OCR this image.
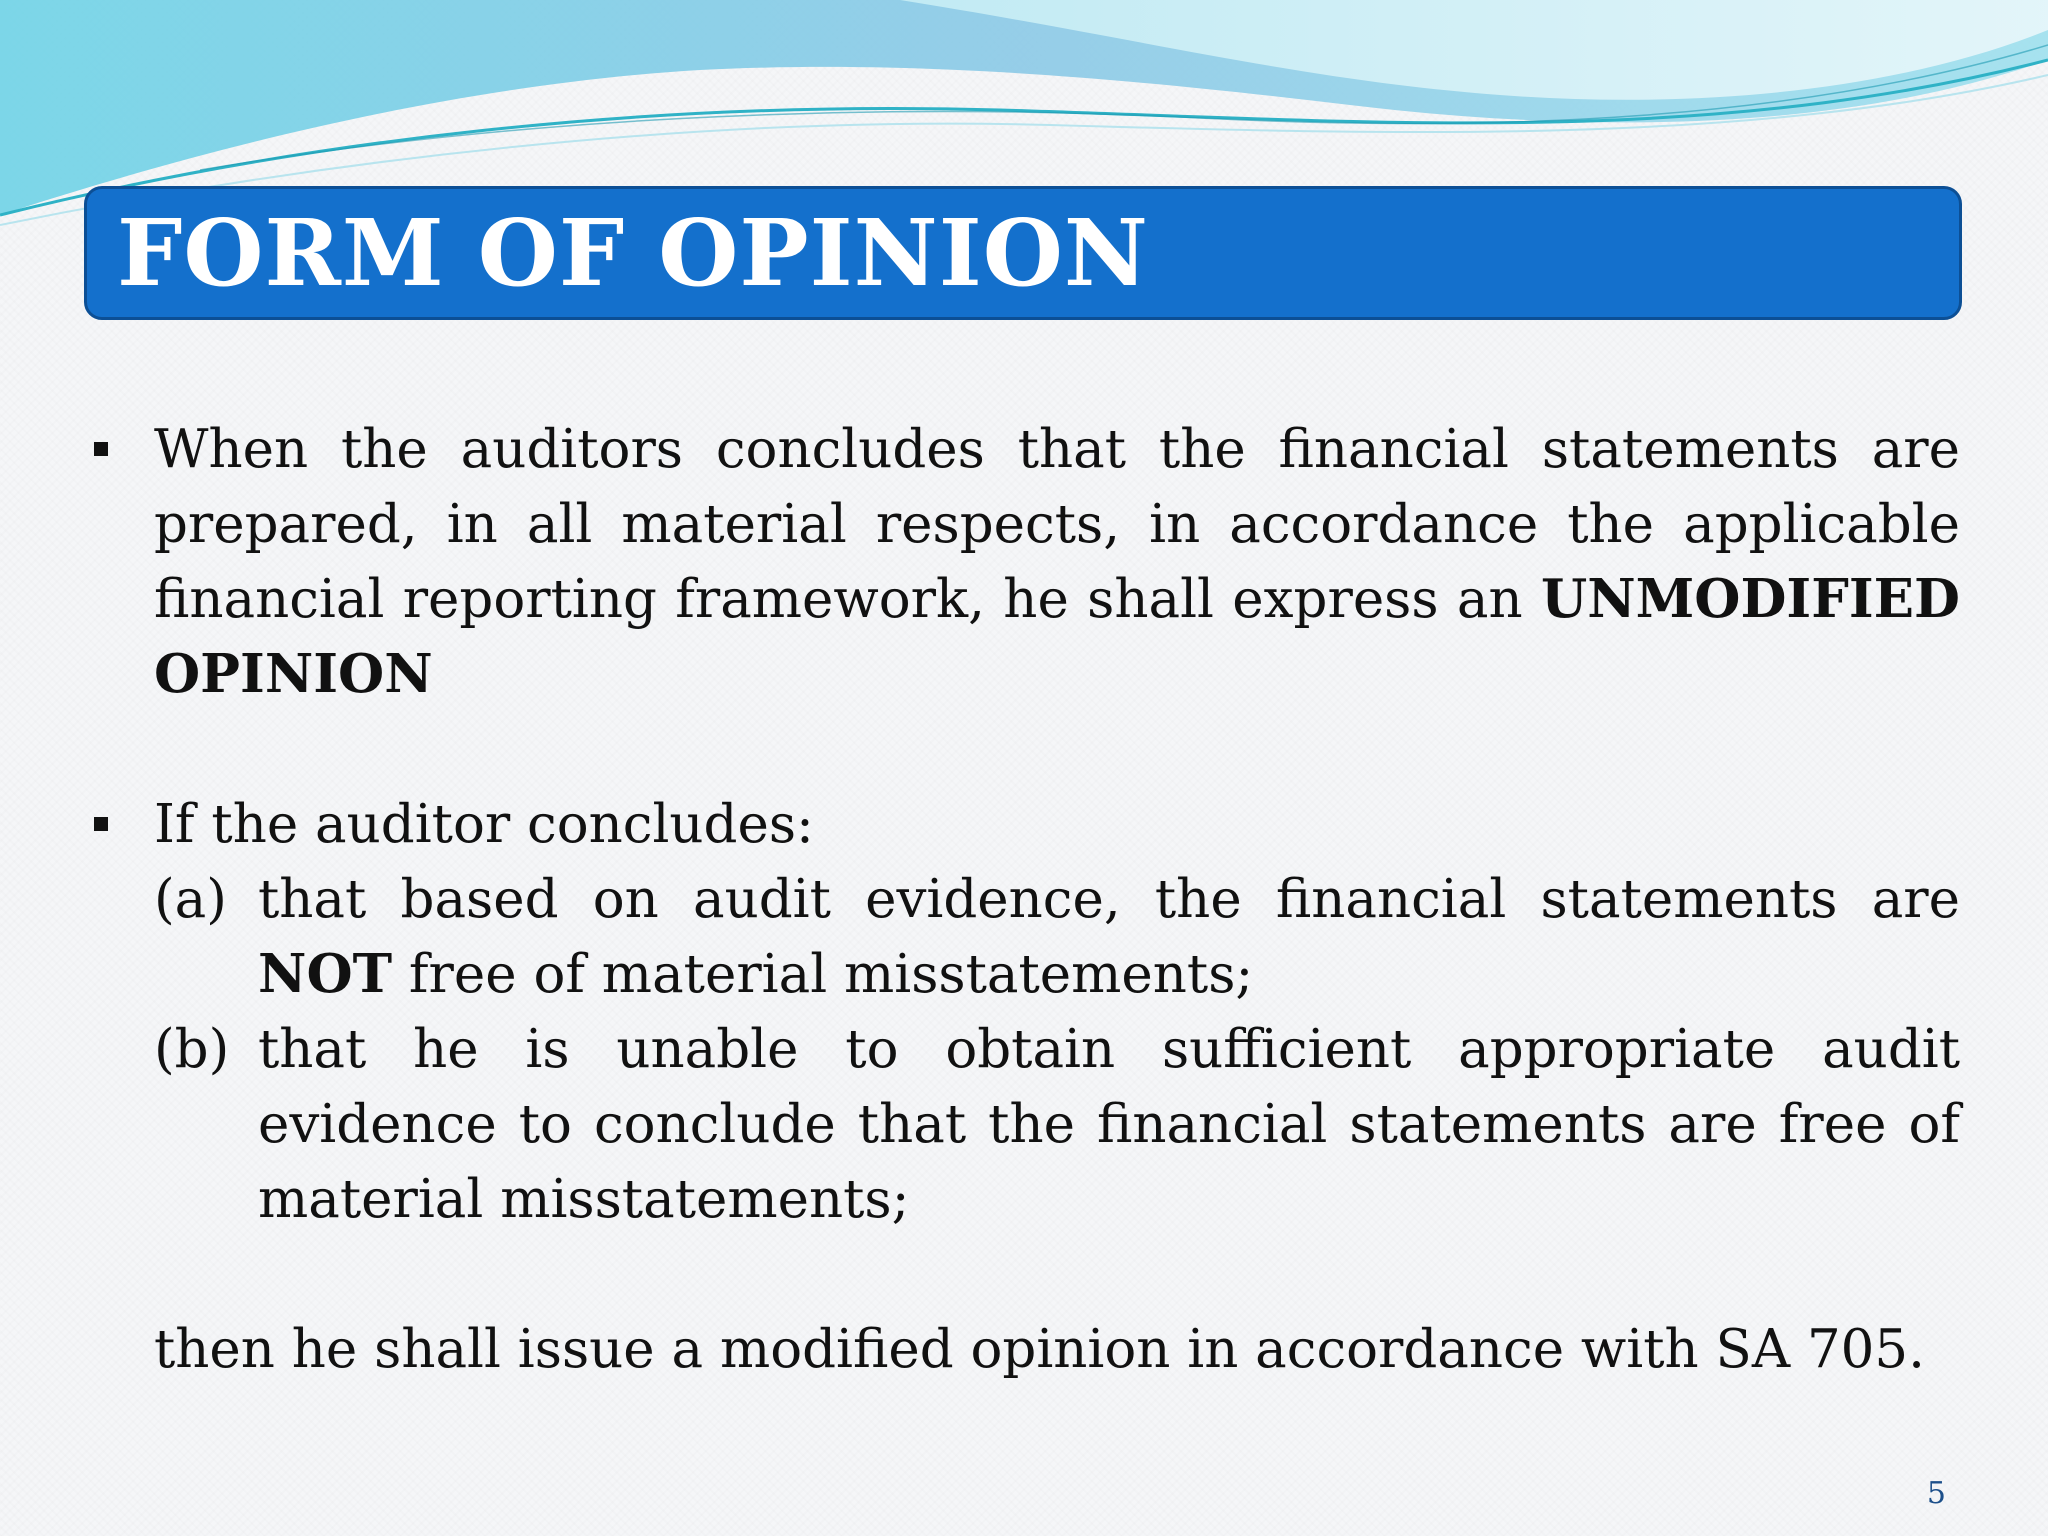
FORM OF OPINION
When the auditors concludes that the financial statements are prepared, in all material respects, in accordance the applicable financial reporting framework, he shall express an UNMODIFIED OPINION
If the auditor concludes:
(a) that based on audit evidence, the financial statements are NOT free of material misstatements;
(b) that he is unable to obtain sufficient appropriate audit evidence to conclude that the financial statements are free of material misstatements;
then he shall issue a modified opinion in accordance with SA 705.
5
